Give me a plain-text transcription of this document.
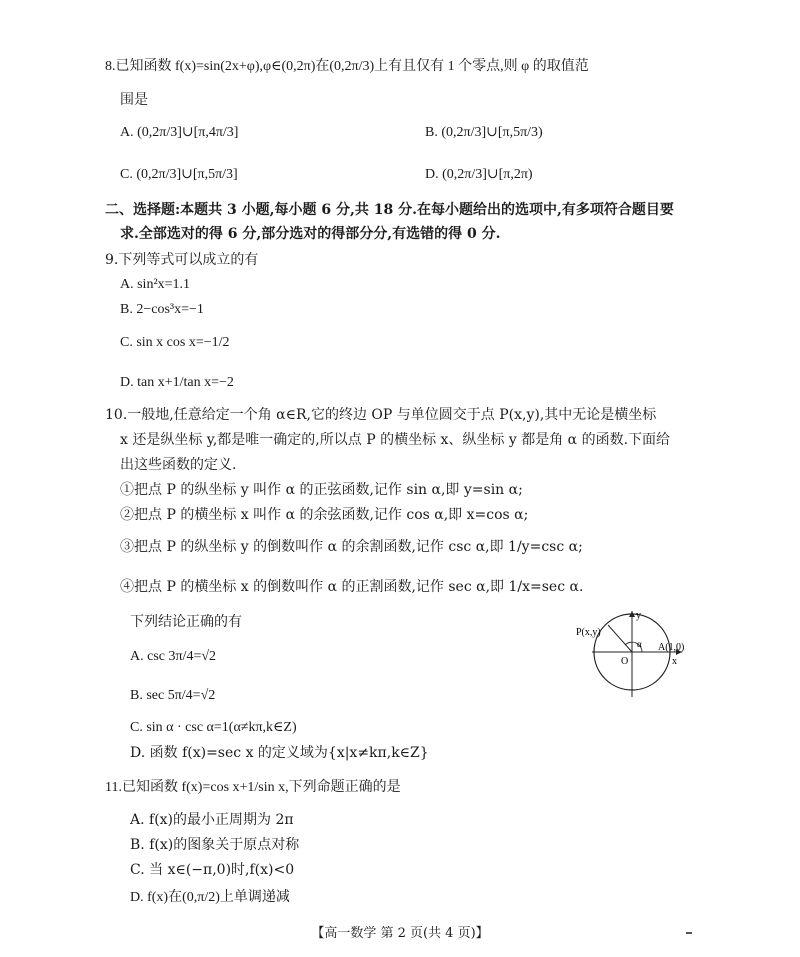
8.已知函数 f(x)=sin(2x+φ),φ∈(0,2π)在(0,2π/3)上有且仅有 1 个零点,则 φ 的取值范
围是
A. (0,2π/3]∪[π,4π/3]	B. (0,2π/3]∪[π,5π/3)
C. (0,2π/3]∪[π,5π/3]	D. (0,2π/3]∪[π,2π)
二、选择题:本题共 3 小题,每小题 6 分,共 18 分.在每小题给出的选项中,有多项符合题目要
求.全部选对的得 6 分,部分选对的得部分分,有选错的得 0 分.
9.下列等式可以成立的有
A. sin²x=1.1
B. 2−cos³x=−1
C. sin x cos x=−1/2
D. tan x+1/tan x=−2
10.一般地,任意给定一个角 α∈R,它的终边 OP 与单位圆交于点 P(x,y),其中无论是横坐标
x 还是纵坐标 y,都是唯一确定的,所以点 P 的横坐标 x、纵坐标 y 都是角 α 的函数.下面给
出这些函数的定义.
①把点 P 的纵坐标 y 叫作 α 的正弦函数,记作 sin α,即 y=sin α;
②把点 P 的横坐标 x 叫作 α 的余弦函数,记作 cos α,即 x=cos α;
③把点 P 的纵坐标 y 的倒数叫作 α 的余割函数,记作 csc α,即 1/y=csc α;
④把点 P 的横坐标 x 的倒数叫作 α 的正割函数,记作 sec α,即 1/x=sec α.
下列结论正确的有
A. csc 3π/4=√2
B. sec 5π/4=√2
C. sin α · csc α=1(α≠kπ,k∈Z)
D. 函数 f(x)=sec x 的定义域为{x|x≠kπ,k∈Z}
y
P(x,y)
α A(1,0)
O	x
11.已知函数 f(x)=cos x+1/sin x,下列命题正确的是
A. f(x)的最小正周期为 2π
B. f(x)的图象关于原点对称
C. 当 x∈(−π,0)时,f(x)<0
D. f(x)在(0,π/2)上单调递减
【高一数学 第 2 页(共 4 页)】
